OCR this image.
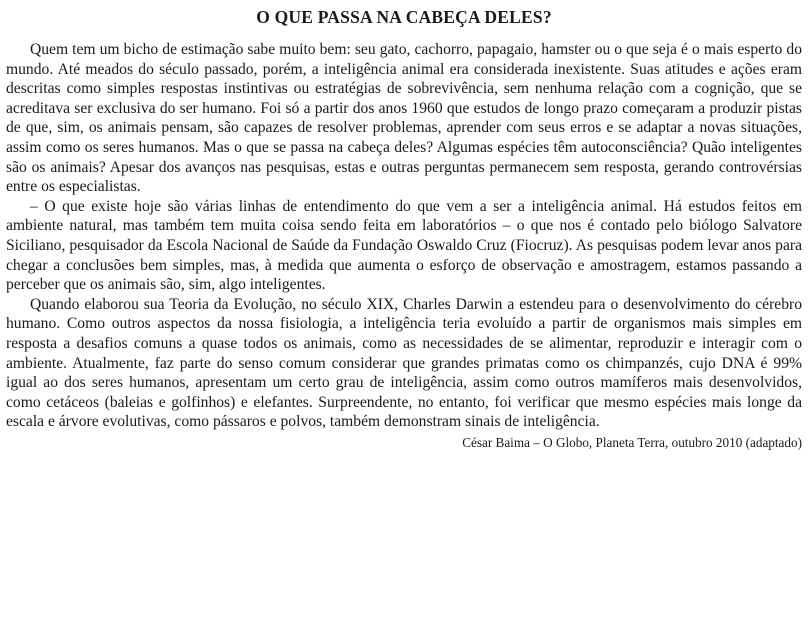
O QUE PASSA NA CABEÇA DELES?

Quem tem um bicho de estimação sabe muito bem: seu gato, cachorro, papagaio, hamster ou o que seja é o mais esperto do mundo. Até meados do século passado, porém, a inteligência animal era considerada inexistente. Suas atitudes e ações eram descritas como simples respostas instintivas ou estratégias de sobrevivência, sem nenhuma relação com a cognição, que se acreditava ser exclusiva do ser humano. Foi só a partir dos anos 1960 que estudos de longo prazo começaram a produzir pistas de que, sim, os animais pensam, são capazes de resolver problemas, aprender com seus erros e se adaptar a novas situações, assim como os seres humanos. Mas o que se passa na cabeça deles? Algumas espécies têm autoconsciência? Quão inteligentes são os animais? Apesar dos avanços nas pesquisas, estas e outras perguntas permanecem sem resposta, gerando controvérsias entre os especialistas.

– O que existe hoje são várias linhas de entendimento do que vem a ser a inteligência animal. Há estudos feitos em ambiente natural, mas também tem muita coisa sendo feita em laboratórios – o que nos é contado pelo biólogo Salvatore Siciliano, pesquisador da Escola Nacional de Saúde da Fundação Oswaldo Cruz (Fiocruz). As pesquisas podem levar anos para chegar a conclusões bem simples, mas, à medida que aumenta o esforço de observação e amostragem, estamos passando a perceber que os animais são, sim, algo inteligentes.

Quando elaborou sua Teoria da Evolução, no século XIX, Charles Darwin a estendeu para o desenvolvimento do cérebro humano. Como outros aspectos da nossa fisiologia, a inteligência teria evoluído a partir de organismos mais simples em resposta a desafios comuns a quase todos os animais, como as necessidades de se alimentar, reproduzir e interagir com o ambiente. Atualmente, faz parte do senso comum considerar que grandes primatas como os chimpanzés, cujo DNA é 99% igual ao dos seres humanos, apresentam um certo grau de inteligência, assim como outros mamíferos mais desenvolvidos, como cetáceos (baleias e golfinhos) e elefantes. Surpreendente, no entanto, foi verificar que mesmo espécies mais longe da escala e árvore evolutivas, como pássaros e polvos, também demonstram sinais de inteligência.

César Baima – O Globo, Planeta Terra, outubro 2010 (adaptado)
